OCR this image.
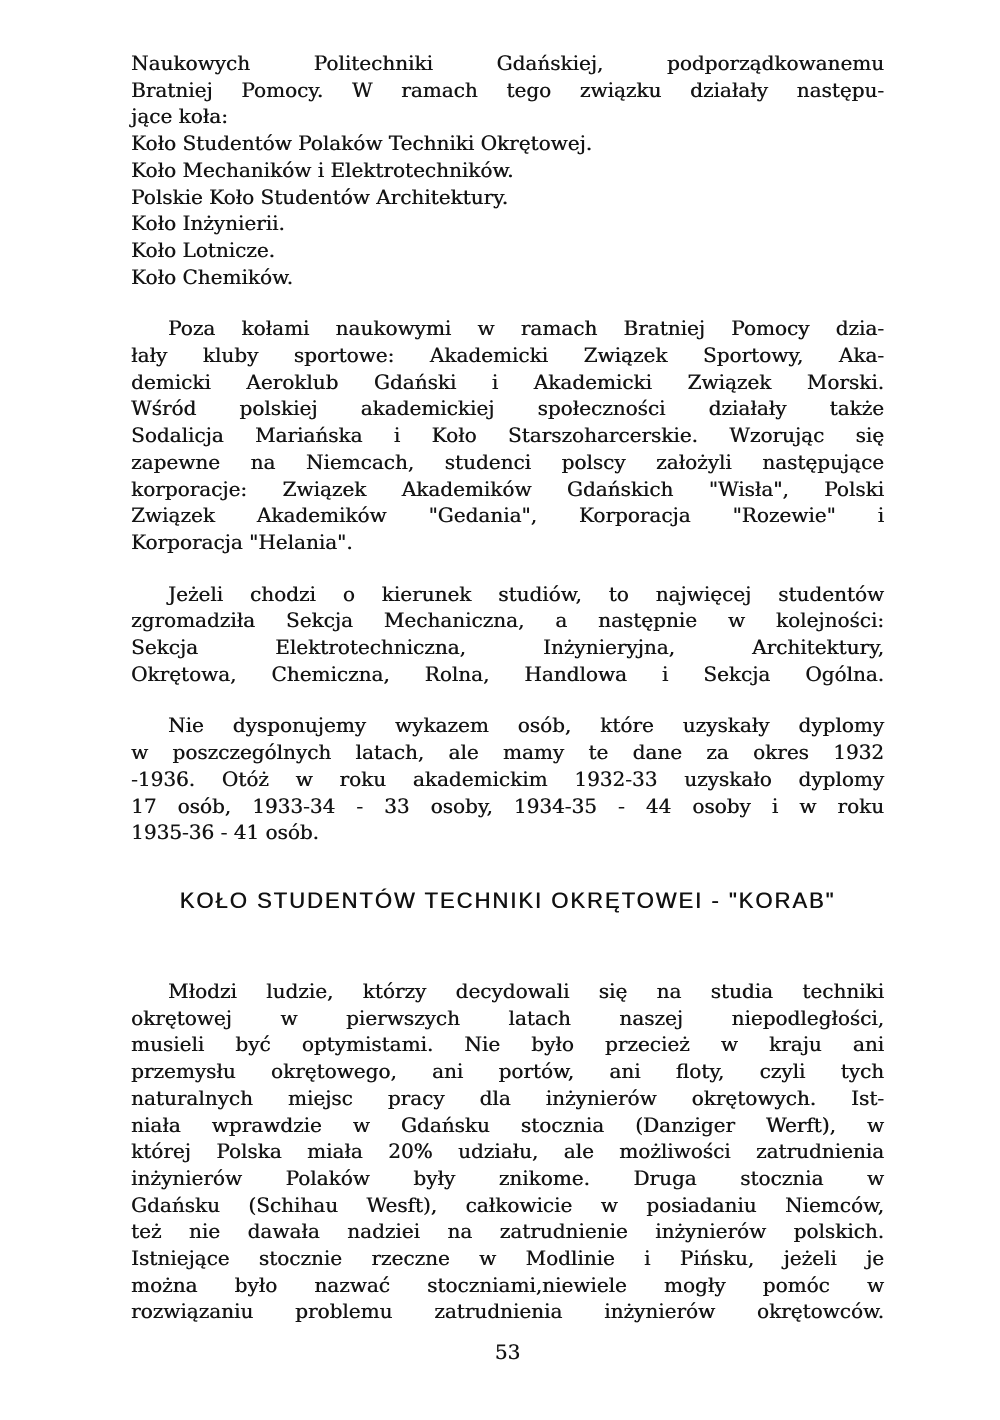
Naukowych Politechniki Gdańskiej, podporządkowanemu
Bratniej Pomocy. W ramach tego związku działały następu-
jące koła:
Koło Studentów Polaków Techniki Okrętowej.
Koło Mechaników i Elektrotechników.
Polskie Koło Studentów Architektury.
Koło Inżynierii.
Koło Lotnicze.
Koło Chemików.
Poza kołami naukowymi w ramach Bratniej Pomocy dzia-
łały kluby sportowe: Akademicki Związek Sportowy, Aka-
demicki Aeroklub Gdański i Akademicki Związek Morski.
Wśród polskiej akademickiej społeczności działały także
Sodalicja Mariańska i Koło Starszoharcerskie. Wzorując się
zapewne na Niemcach, studenci polscy założyli następujące
korporacje: Związek Akademików Gdańskich "Wisła", Polski
Związek Akademików "Gedania", Korporacja "Rozewie" i
Korporacja "Helania".
Jeżeli chodzi o kierunek studiów, to najwięcej studentów
zgromadziła Sekcja Mechaniczna, a następnie w kolejności:
Sekcja Elektrotechniczna, Inżynieryjna, Architektury,
Okrętowa, Chemiczna, Rolna, Handlowa i Sekcja Ogólna.
Nie dysponujemy wykazem osób, które uzyskały dyplomy
w poszczególnych latach, ale mamy te dane za okres 1932
-1936. Otóż w roku akademickim 1932-33 uzyskało dyplomy
17 osób, 1933-34 - 33 osoby, 1934-35 - 44 osoby i w roku
1935-36 - 41 osób.
KOŁO STUDENTÓW TECHNIKI OKRĘTOWEI - "KORAB"
Młodzi ludzie, którzy decydowali się na studia techniki
okrętowej w pierwszych latach naszej niepodległości,
musieli być optymistami. Nie było przecież w kraju ani
przemysłu okrętowego, ani portów, ani floty, czyli tych
naturalnych miejsc pracy dla inżynierów okrętowych. Ist-
niała wprawdzie w Gdańsku stocznia (Danziger Werft), w
której Polska miała 20% udziału, ale możliwości zatrudnienia
inżynierów Polaków były znikome. Druga stocznia w
Gdańsku (Schihau Wesft), całkowicie w posiadaniu Niemców,
też nie dawała nadziei na zatrudnienie inżynierów polskich.
Istniejące stocznie rzeczne w Modlinie i Pińsku, jeżeli je
można było nazwać stoczniami,niewiele mogły pomóc w
rozwiązaniu problemu zatrudnienia inżynierów okrętowców.
53
